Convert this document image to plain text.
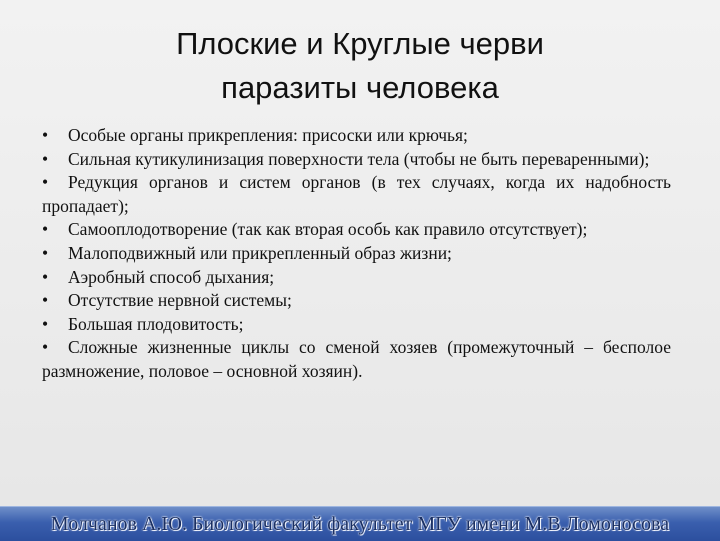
Плоские и Круглые черви
паразиты человека
• Особые органы прикрепления: присоски или крючья;
• Сильная кутикулинизация поверхности тела (чтобы не быть переваренными);
• Редукция органов и систем органов (в тех случаях, когда их надобность пропадает);
• Самооплодотворение (так как вторая особь как правило отсутствует);
• Малоподвижный или прикрепленный образ жизни;
• Аэробный способ дыхания;
• Отсутствие нервной системы;
• Большая плодовитость;
• Сложные жизненные циклы со сменой хозяев (промежуточный – бесполое размножение, половое – основной хозяин).
Молчанов А.Ю. Биологический факультет МГУ имени М.В.Ломоносова
